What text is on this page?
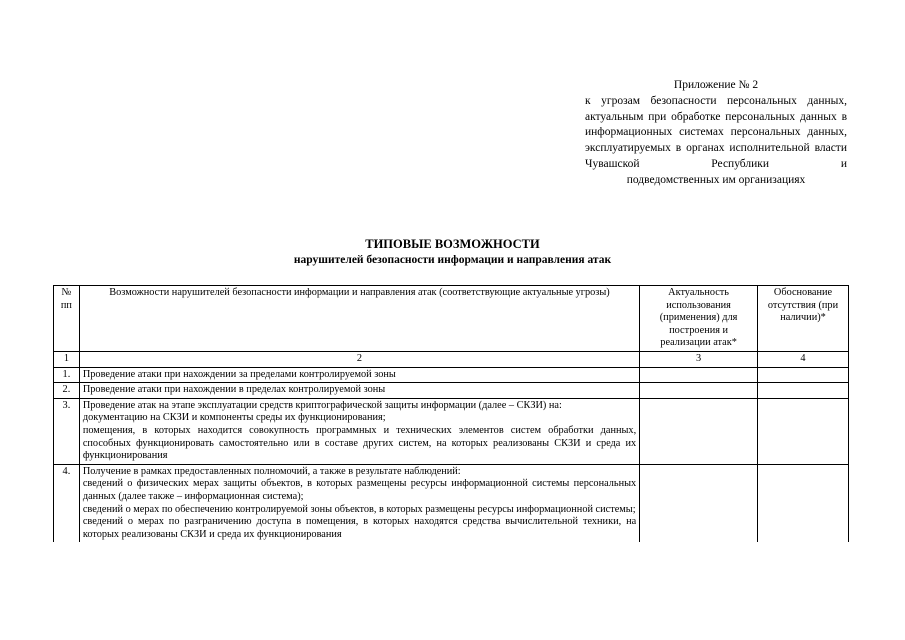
Приложение № 2
к угрозам безопасности персональных данных, актуальным при обработке персональных данных в информационных системах персональных данных, эксплуатируемых в органах исполнительной власти Чувашской Республики и
подведомственных им организациях
ТИПОВЫЕ ВОЗМОЖНОСТИ
нарушителей безопасности информации и направления атак
№ пп	Возможности нарушителей безопасности информации и направления атак (соответствующие актуальные угрозы)	Актуальность использования (применения) для построения и реализации атак*	Обоснование отсутствия (при наличии)*
1	2	3	4
1.	Проведение атаки при нахождении за пределами контролируемой зоны		

2.	Проведение атаки при нахождении в пределах контролируемой зоны		

3.	Проведение атак на этапе эксплуатации средств криптографической защиты информации (далее – СКЗИ) на:
документацию на СКЗИ и компоненты среды их функционирования;
помещения, в которых находится совокупность программных и технических элементов систем обработки данных, способных функционировать самостоятельно или в составе других систем, на которых реализованы СКЗИ и среда их функционирования		

4.	Получение в рамках предоставленных полномочий, а также в результате наблюдений:
сведений о физических мерах защиты объектов, в которых размещены ресурсы информационной системы персональных данных (далее также – информационная система);
сведений о мерах по обеспечению контролируемой зоны объектов, в которых размещены ресурсы информационной системы;
сведений о мерах по разграничению доступа в помещения, в которых находятся средства вычислительной техники, на которых реализованы СКЗИ и среда их функционирования		
